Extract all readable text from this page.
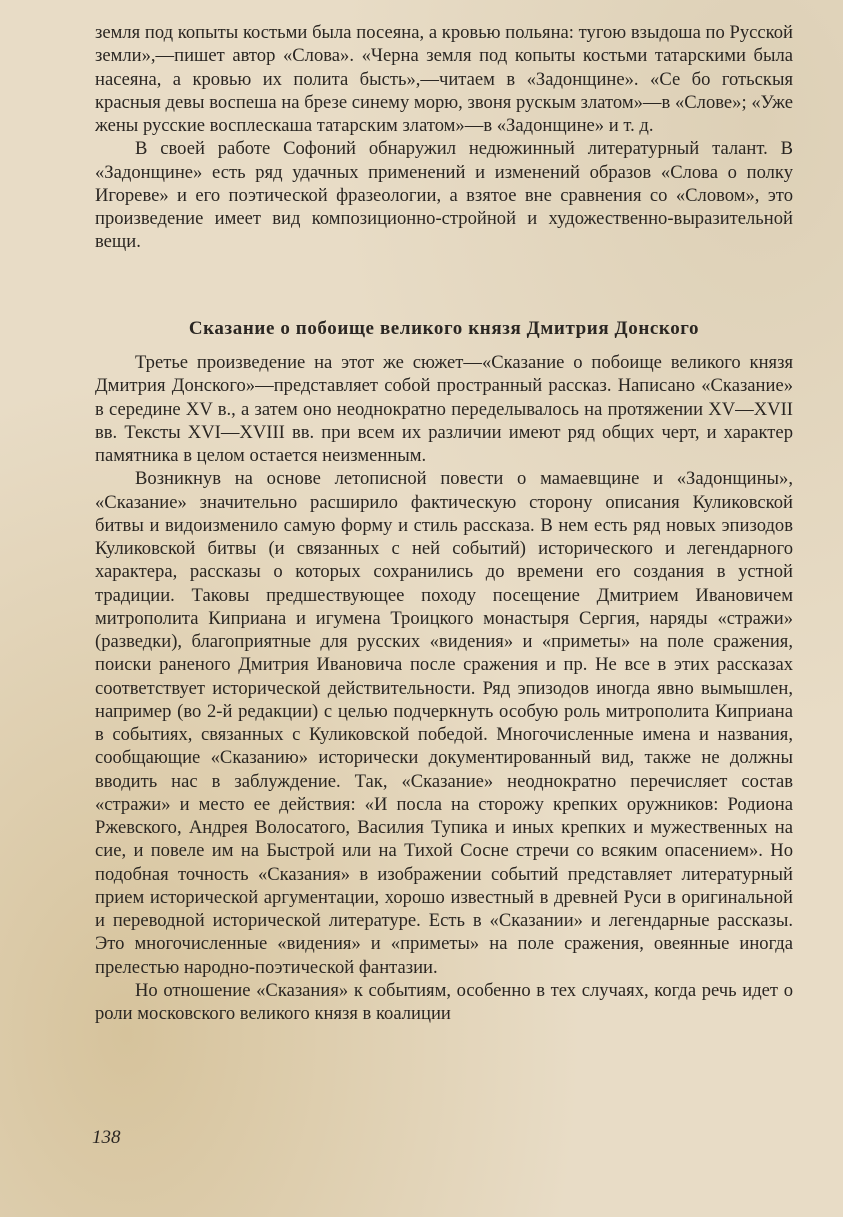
земля под копыты костьми была посеяна, а кровью польяна: тугою взыдоша по Русской земли»,—пишет автор «Слова». «Черна земля под копыты костьми татарскими была насеяна, а кровью их полита бысть»,—читаем в «Задонщине». «Се бо готьскыя красныя девы воспеша на брезе синему морю, звоня рускым златом»—в «Слове»; «Уже жены русские восплескаша татарским златом»—в «Задонщине» и т. д.

В своей работе Софоний обнаружил недюжинный литературный талант. В «Задонщине» есть ряд удачных применений и изменений образов «Слова о полку Игореве» и его поэтической фразеологии, а взятое вне сравнения со «Словом», это произведение имеет вид композиционно-стройной и художественно-выразительной вещи.

Сказание о побоище великого князя Дмитрия Донского

Третье произведение на этот же сюжет—«Сказание о побоище великого князя Дмитрия Донского»—представляет собой пространный рассказ. Написано «Сказание» в середине XV в., а затем оно неоднократно переделывалось на протяжении XV—XVII вв. Тексты XVI—XVIII вв. при всем их различии имеют ряд общих черт, и характер памятника в целом остается неизменным.

Возникнув на основе летописной повести о мамаевщине и «Задонщины», «Сказание» значительно расширило фактическую сторону описания Куликовской битвы и видоизменило самую форму и стиль рассказа. В нем есть ряд новых эпизодов Куликовской битвы (и связанных с ней событий) исторического и легендарного характера, рассказы о которых сохранились до времени его создания в устной традиции. Таковы предшествующее походу посещение Дмитрием Ивановичем митрополита Киприана и игумена Троицкого монастыря Сергия, наряды «стражи» (разведки), благоприятные для русских «видения» и «приметы» на поле сражения, поиски раненого Дмитрия Ивановича после сражения и пр. Не все в этих рассказах соответствует исторической действительности. Ряд эпизодов иногда явно вымышлен, например (во 2-й редакции) с целью подчеркнуть особую роль митрополита Киприана в событиях, связанных с Куликовской победой. Многочисленные имена и названия, сообщающие «Сказанию» исторически документированный вид, также не должны вводить нас в заблуждение. Так, «Сказание» неоднократно перечисляет состав «стражи» и место ее действия: «И посла на сторожу крепких оружников: Родиона Ржевского, Андрея Волосатого, Василия Тупика и иных крепких и мужественных на сие, и повеле им на Быстрой или на Тихой Сосне стречи со всяким опасением». Но подобная точность «Сказания» в изображении событий представляет литературный прием исторической аргументации, хорошо известный в древней Руси в оригинальной и переводной исторической литературе. Есть в «Сказании» и легендарные рассказы. Это многочисленные «видения» и «приметы» на поле сражения, овеянные иногда прелестью народно-поэтической фантазии.

Но отношение «Сказания» к событиям, особенно в тех случаях, когда речь идет о роли московского великого князя в коалиции

138
